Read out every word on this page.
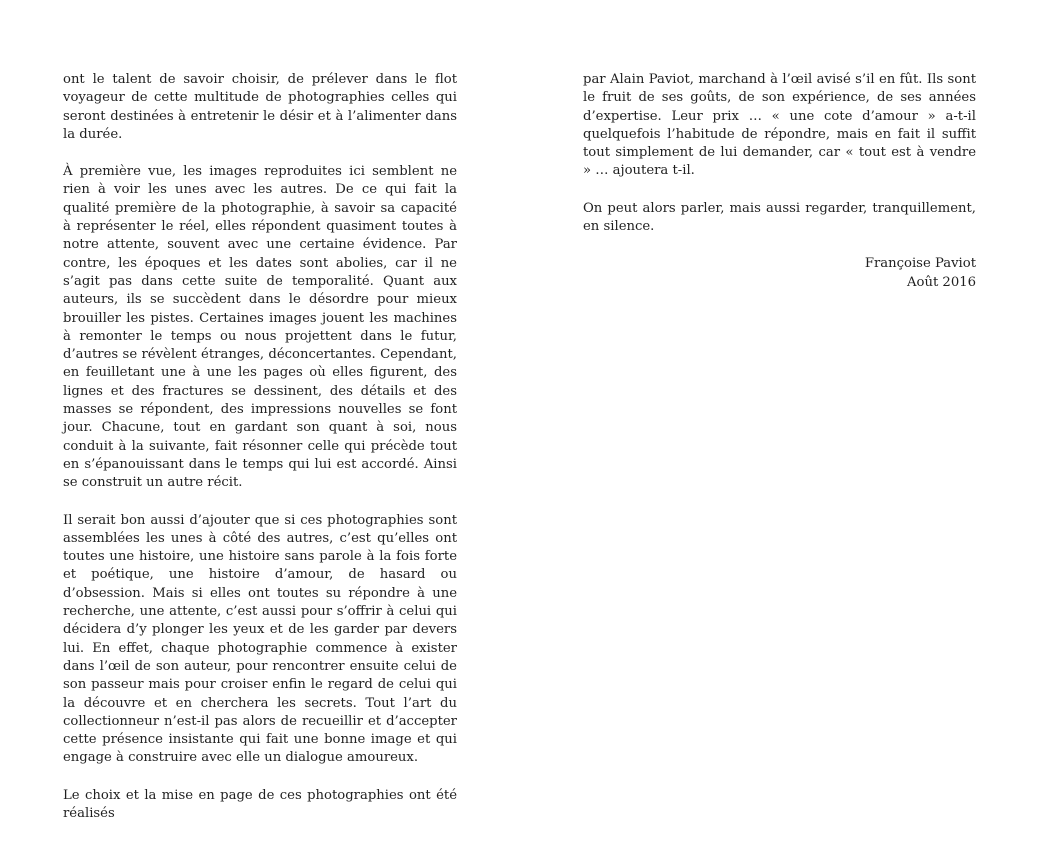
ont le talent de savoir choisir, de prélever dans le flot voyageur de cette multitude de photographies celles qui seront destinées à entretenir le désir et à l’alimenter dans la durée.

À première vue, les images reproduites ici semblent ne rien à voir les unes avec les autres. De ce qui fait la qualité première de la photographie, à savoir sa capacité à représenter le réel, elles répondent quasiment toutes à notre attente, souvent avec une certaine évidence. Par contre, les époques et les dates sont abolies, car il ne s’agit pas dans cette suite de temporalité. Quant aux auteurs, ils se succèdent dans le désordre pour mieux brouiller les pistes. Certaines images jouent les machines à remonter le temps ou nous projettent dans le futur, d’autres se révèlent étranges, déconcertantes. Cependant, en feuilletant une à une les pages où elles figurent, des lignes et des fractures se dessinent, des détails et des masses se répondent, des impressions nouvelles se font jour. Chacune, tout en gardant son quant à soi, nous conduit à la suivante, fait résonner celle qui précède tout en s’épanouissant dans le temps qui lui est accordé. Ainsi se construit un autre récit.

Il serait bon aussi d’ajouter que si ces photographies sont assemblées les unes à côté des autres, c’est qu’elles ont toutes une histoire, une histoire sans parole à la fois forte et poétique, une histoire d’amour, de hasard ou d’obsession. Mais si elles ont toutes su répondre à une recherche, une attente, c’est aussi pour s’offrir à celui qui décidera d’y plonger les yeux et de les garder par devers lui. En effet, chaque photographie commence à exister dans l’œil de son auteur, pour rencontrer ensuite celui de son passeur mais pour croiser enfin le regard de celui qui la découvre et en cherchera les secrets. Tout l’art du collectionneur n’est-il pas alors de recueillir et d’accepter cette présence insistante qui fait une bonne image et qui engage à construire avec elle un dialogue amoureux.

Le choix et la mise en page de ces photographies ont été réalisés

par Alain Paviot, marchand à l’œil avisé s’il en fût. Ils sont le fruit de ses goûts, de son expérience, de ses années d’expertise. Leur prix … « une cote d’amour » a-t-il quelquefois l’habitude de répondre, mais en fait il suffit tout simplement de lui demander, car « tout est à vendre » … ajoutera t-il.

On peut alors parler, mais aussi regarder, tranquillement, en silence.

Françoise Paviot

Août 2016
